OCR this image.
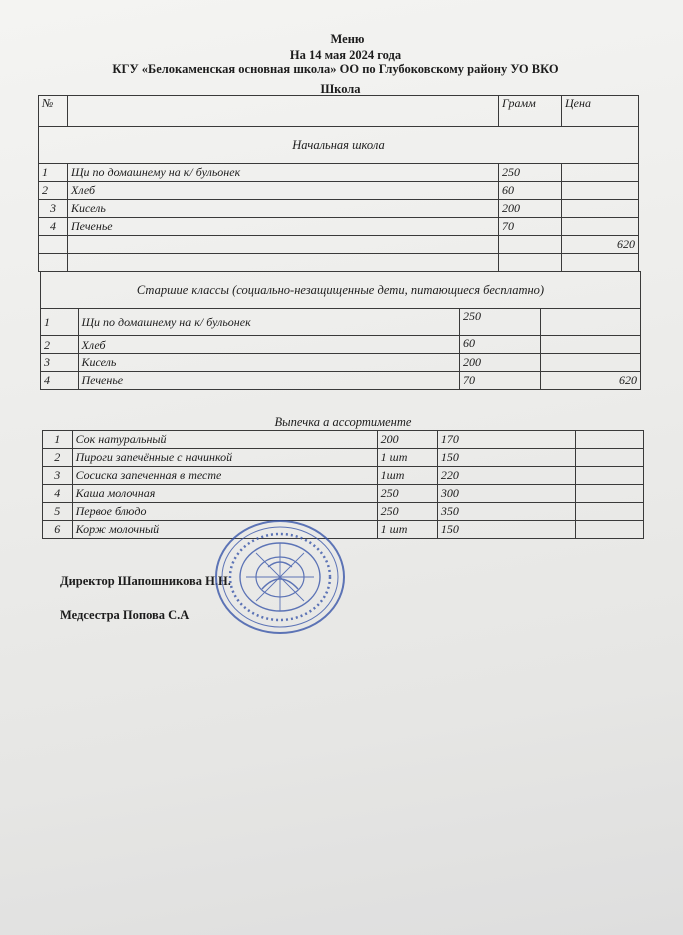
Меню
На 14 мая 2024 года
КГУ «Белокаменская основная школа» ОО по Глубоковскому району УО ВКО
Школа
№		Грамм	Цена
Начальная школа			
1	Щи по домашнему на к/ бульонек	250	
2	Хлеб	60	
3	Кисель	200	
4	Печенье	70	
			620

Старшие классы (социально-незащищенные дети, питающиеся бесплатно)			
1	Щи по домашнему на к/ бульонек	250	
2	Хлеб	60	
3	Кисель	200	
4	Печенье	70	620
Выпечка а ассортименте				
1	Сок натуральный	200	170	
2	Пироги запечённые с начинкой	1 шт	150	
3	Сосиска запеченная в тесте	1шт	220	
4	Каша молочная	250	300	
5	Первое блюдо	250	350	
6	Корж молочный	1 шт	150	
Директор Шапошникова Н.Н.
Медсестра Попова С.А
